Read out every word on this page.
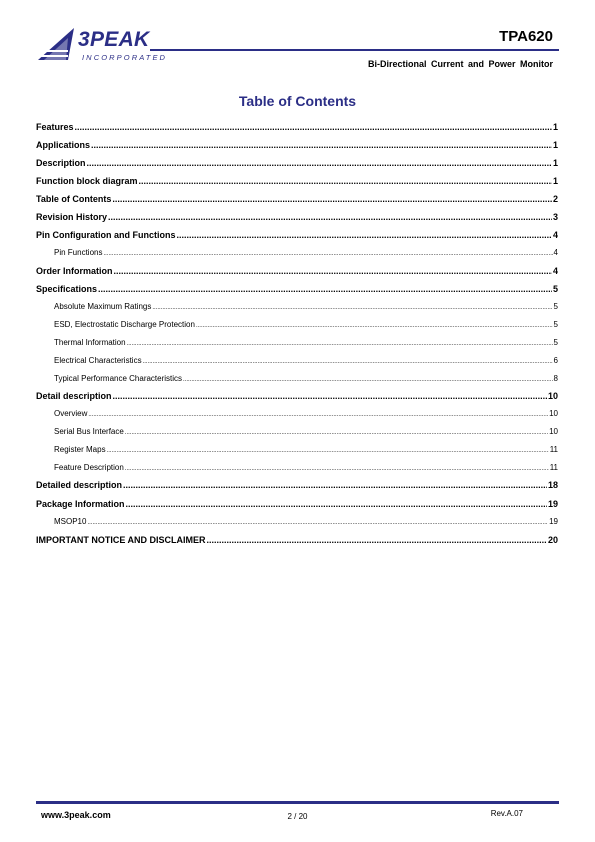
3PEAK
INCORPORATED
TPA620
Bi-Directional Current and Power Monitor
Table of Contents
Features .....	1
Applications .....	1
Description .....	1
Function block diagram .....	1
Table of Contents .....	2
Revision History .....	3
Pin Configuration and Functions .....	4
Pin Functions .....	4
Order Information .....	4
Specifications .....	5
Absolute Maximum Ratings .....	5
ESD, Electrostatic Discharge Protection .....	5
Thermal Information .....	5
Electrical Characteristics .....	6
Typical Performance Characteristics .....	8
Detail description .....	10
Overview .....	10
Serial Bus Interface .....	10
Register Maps .....	11
Feature Description .....	11
Detailed description .....	18
Package Information .....	19
MSOP10 .....	19
IMPORTANT NOTICE AND DISCLAIMER .....	20
www.3peak.com	2 / 20	Rev.A.07
